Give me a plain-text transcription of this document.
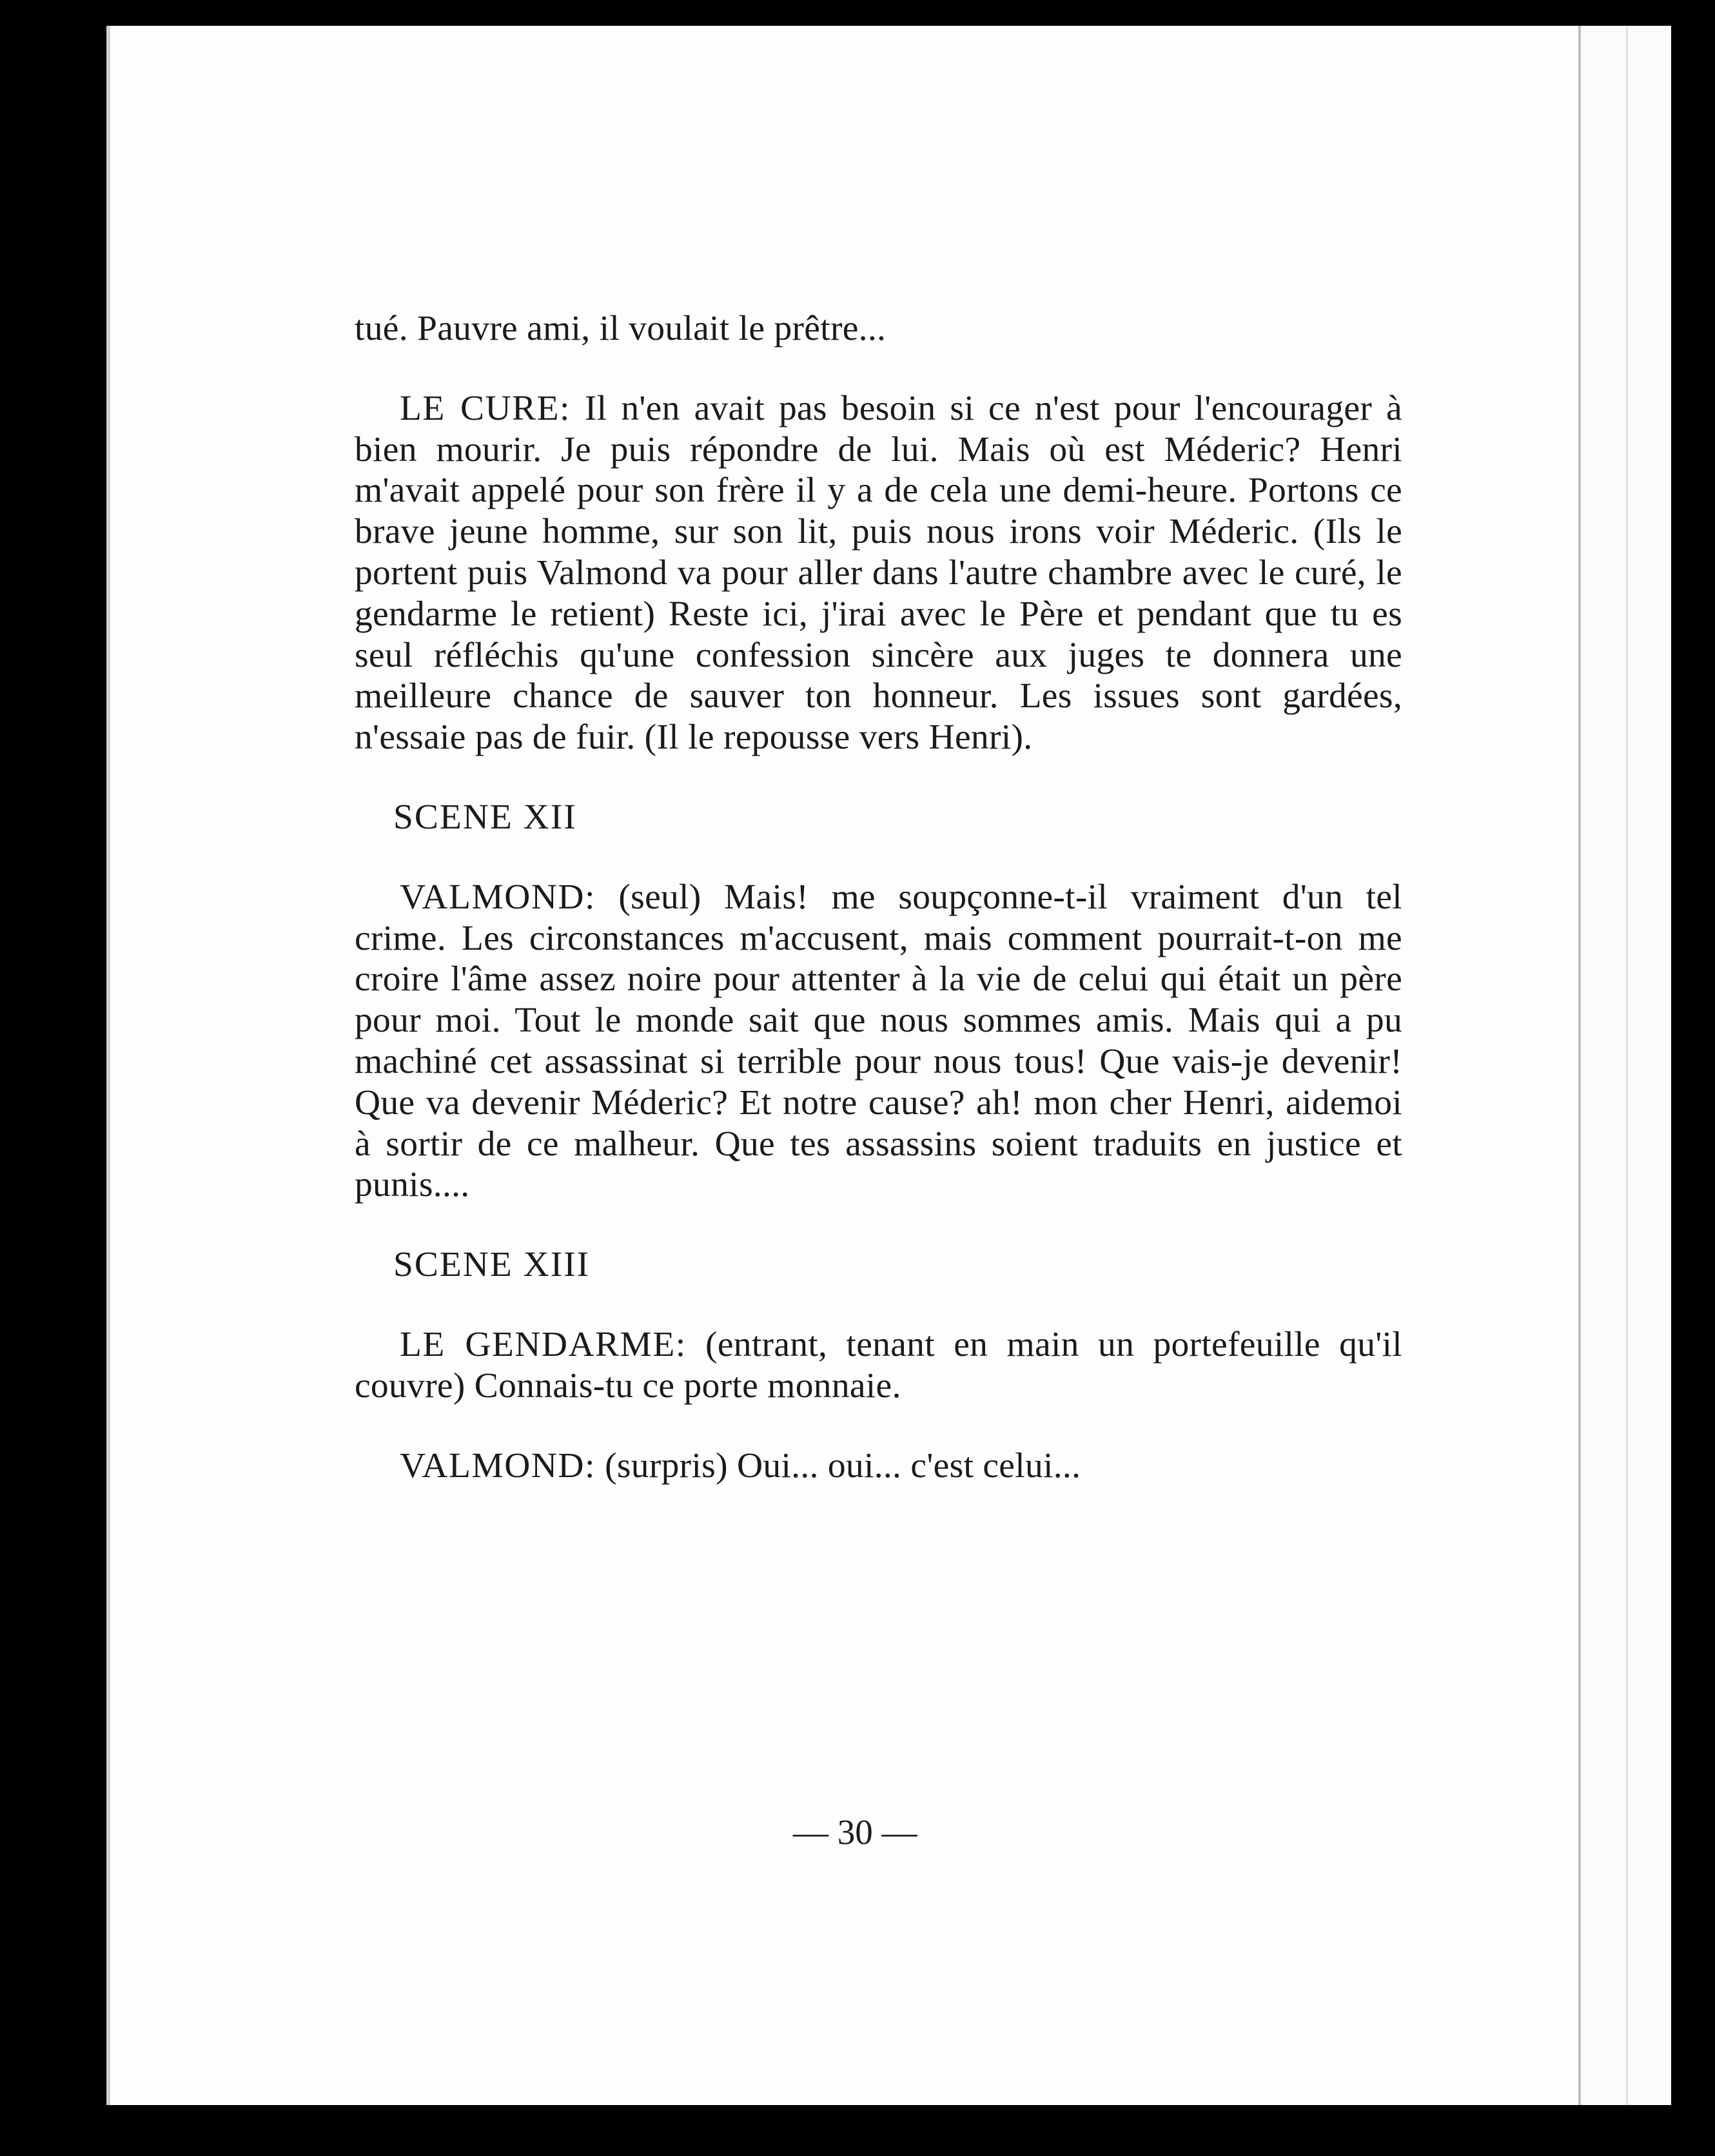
tué. Pauvre ami, il voulait le prêtre...

LE CURE: Il n'en avait pas besoin si ce n'est pour l'encourager à bien mourir. Je puis répondre de lui. Mais où est Méderic? Henri m'avait appelé pour son frère il y a de cela une demi-heure. Portons ce brave jeune homme, sur son lit, puis nous irons voir Méderic. (Ils le portent puis Valmond va pour aller dans l'autre chambre avec le curé, le gendarme le retient) Reste ici, j'irai avec le Père et pendant que tu es seul réfléchis qu'une confession sincère aux juges te donnera une meilleure chance de sauver ton honneur. Les issues sont gardées, n'essaie pas de fuir. (Il le repousse vers Henri).

SCENE XII

VALMOND: (seul) Mais! me soupçonne-t-il vraiment d'un tel crime. Les circonstances m'accusent, mais comment pourrait-t-on me croire l'âme assez noire pour attenter à la vie de celui qui était un père pour moi. Tout le monde sait que nous sommes amis. Mais qui a pu machiné cet assassinat si terrible pour nous tous! Que vais-je devenir! Que va devenir Méderic? Et notre cause? ah! mon cher Henri, aidemoi à sortir de ce malheur. Que tes assassins soient traduits en justice et punis....

SCENE XIII

LE GENDARME: (entrant, tenant en main un portefeuille qu'il couvre) Connais-tu ce porte monnaie.

VALMOND: (surpris) Oui... oui... c'est celui...

— 30 —
